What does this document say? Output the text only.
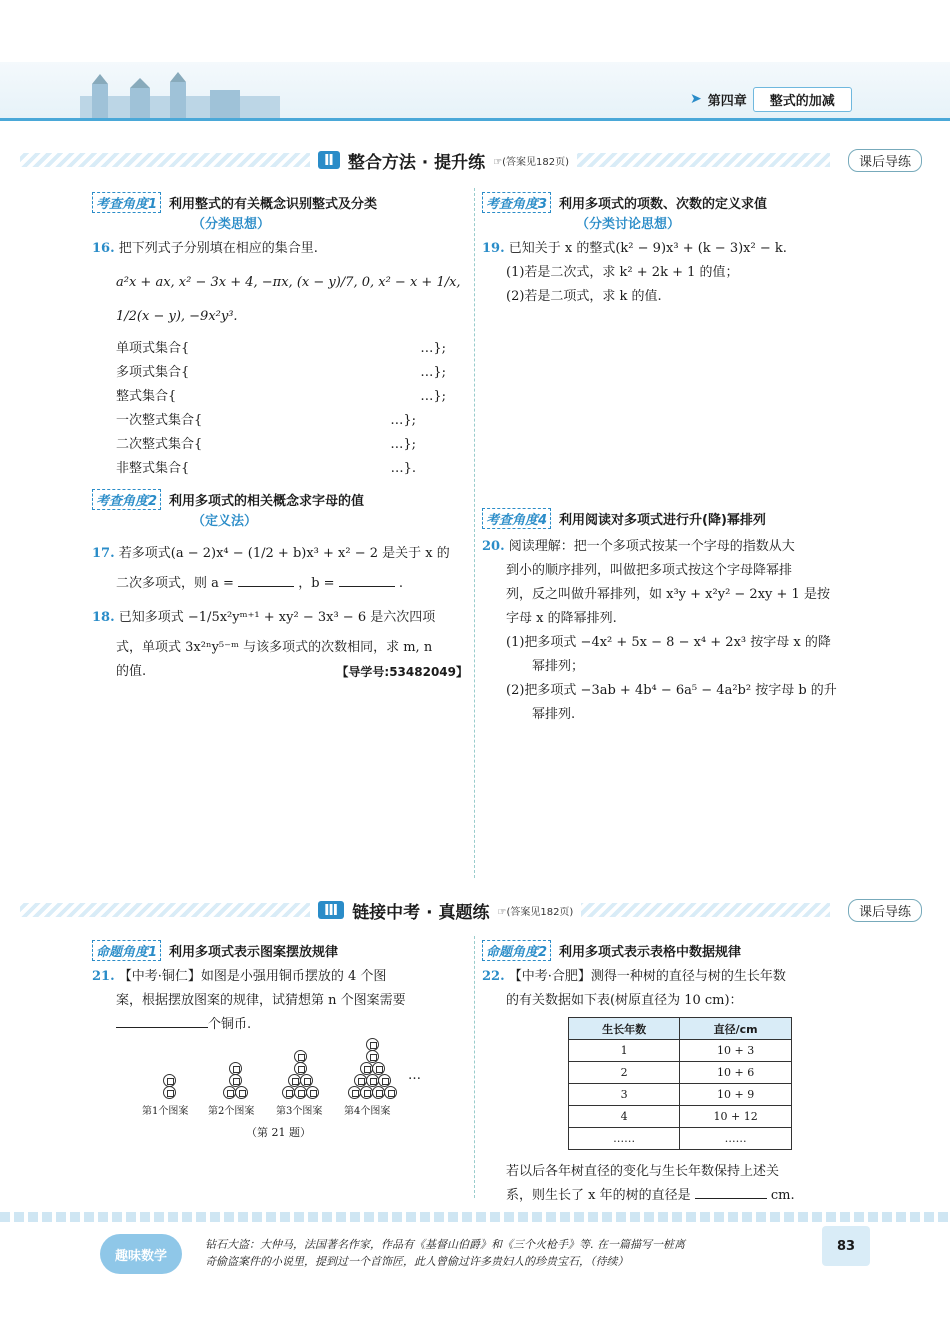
➤ 第四章	整式的加减
Ⅱ 整合方法 · 提升练 ☞(答案见182页)	课后导练
考查角度1 利用整式的有关概念识别整式及分类
（分类思想）
16. 把下列式子分别填在相应的集合里.
a²x + ax, x² − 3x + 4, −πx, (x − y)/7, 0, x² − x + 1/x,
1/2(x − y), −9x²y³.
单项式集合{	…};
多项式集合{	…};
整式集合{	…};
一次整式集合{	…};
二次整式集合{	…};
非整式集合{	…}.
考查角度2 利用多项式的相关概念求字母的值
（定义法）
17. 若多项式(a − 2)x⁴ − (1/2 + b)x³ + x² − 2 是关于 x 的
二次多项式，则 a =	，b =	.
18. 已知多项式 −1/5x²yᵐ⁺¹ + xy² − 3x³ − 6 是六次四项
式，单项式 3x²ⁿy⁵⁻ᵐ 与该多项式的次数相同，求 m, n
的值.	【导学号:53482049】
考查角度3 利用多项式的项数、次数的定义求值
（分类讨论思想）
19. 已知关于 x 的整式(k² − 9)x³ + (k − 3)x² − k.
(1)若是二次式，求 k² + 2k + 1 的值；
(2)若是二项式，求 k 的值.
考查角度4 利用阅读对多项式进行升(降)幂排列
20. 阅读理解：把一个多项式按某一个字母的指数从大
到小的顺序排列，叫做把多项式按这个字母降幂排
列，反之叫做升幂排列，如 x³y + x²y² − 2xy + 1 是按
字母 x 的降幂排列.
(1)把多项式 −4x² + 5x − 8 − x⁴ + 2x³ 按字母 x 的降
幂排列；
(2)把多项式 −3ab + 4b⁴ − 6a⁵ − 4a²b² 按字母 b 的升
幂排列.
Ⅲ 链接中考 · 真题练 ☞(答案见182页)	课后导练
命题角度1 利用多项式表示图案摆放规律
21. 【中考·铜仁】如图是小强用铜币摆放的 4 个图
案，根据摆放图案的规律，试猜想第 n 个图案需要
个铜币.
…
第1个图案 第2个图案 第3个图案 第4个图案
（第 21 题）
命题角度2 利用多项式表示表格中数据规律
22. 【中考·合肥】测得一种树的直径与树的生长年数
的有关数据如下表(树原直径为 10 cm)：
生长年数	直径/cm
1	10 + 3
2	10 + 6
3	10 + 9
4	10 + 12
……	……
若以后各年树直径的变化与生长年数保持上述关
系，则生长了 x 年的树的直径是	cm.
趣味数学
钻石大盗：大仲马，法国著名作家，作品有《基督山伯爵》和《三个火枪手》等. 在一篇描写一桩离
奇偷盗案件的小说里，提到过一个首饰匠，此人曾偷过许多贵妇人的珍贵宝石，（待续）
83
